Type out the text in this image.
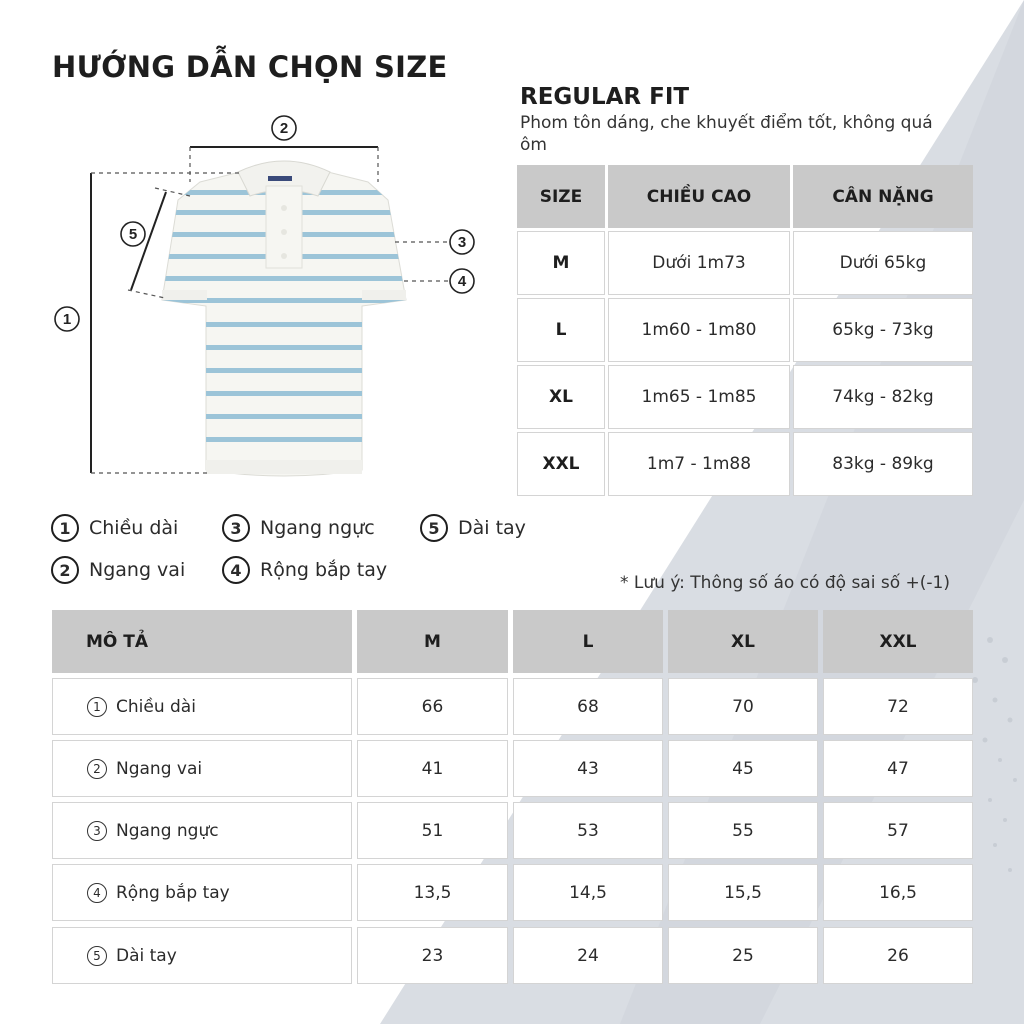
HƯỚNG DẪN CHỌN SIZE
REGULAR FIT
Phom tôn dáng, che khuyết điểm tốt, không quá ôm
1
2
3
4
5
SIZE	CHIỀU CAO	CÂN NẶNG
M	Dưới 1m73	Dưới 65kg
L	1m60 - 1m80	65kg - 73kg
XL	1m65 - 1m85	74kg - 82kg
XXL	1m7 - 1m88	83kg - 89kg
1 Chiều dài
2 Ngang vai
3 Ngang ngực
4 Rộng bắp tay
5 Dài tay
* Lưu ý: Thông số áo có độ sai số +(-1)
MÔ TẢ	M	L	XL	XXL
1 Chiều dài	66	68	70	72
2 Ngang vai	41	43	45	47
3 Ngang ngực	51	53	55	57
4 Rộng bắp tay	13,5	14,5	15,5	16,5
5 Dài tay	23	24	25	26
